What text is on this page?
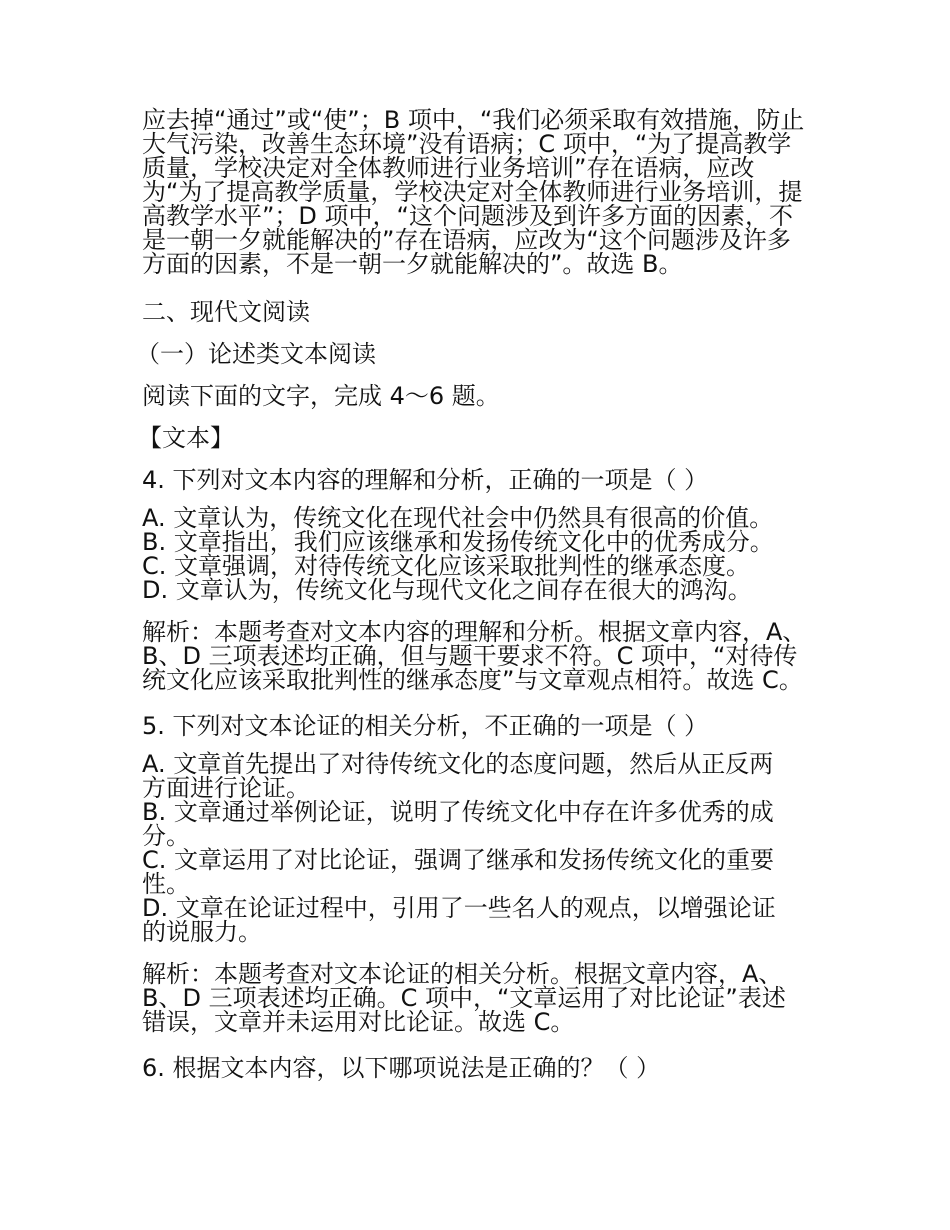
应去掉“通过”或“使”；B 项中，“我们必须采取有效措施，防止大气污染，改善生态环境”没有语病；C 项中，“为了提高教学质量，学校决定对全体教师进行业务培训”存在语病，应改为“为了提高教学质量，学校决定对全体教师进行业务培训，提高教学水平”；D 项中，“这个问题涉及到许多方面的因素，不是一朝一夕就能解决的”存在语病，应改为“这个问题涉及许多方面的因素，不是一朝一夕就能解决的”。故选 B。

二、现代文阅读

（一）论述类文本阅读

阅读下面的文字，完成 4～6 题。

【文本】

4. 下列对文本内容的理解和分析，正确的一项是（ ）

A. 文章认为，传统文化在现代社会中仍然具有很高的价值。

B. 文章指出，我们应该继承和发扬传统文化中的优秀成分。

C. 文章强调，对待传统文化应该采取批判性的继承态度。

D. 文章认为，传统文化与现代文化之间存在很大的鸿沟。

解析：本题考查对文本内容的理解和分析。根据文章内容，A、B、D 三项表述均正确，但与题干要求不符。C 项中，“对待传统文化应该采取批判性的继承态度”与文章观点相符。故选 C。

5. 下列对文本论证的相关分析，不正确的一项是（ ）

A. 文章首先提出了对待传统文化的态度问题，然后从正反两方面进行论证。

B. 文章通过举例论证，说明了传统文化中存在许多优秀的成分。

C. 文章运用了对比论证，强调了继承和发扬传统文化的重要性。

D. 文章在论证过程中，引用了一些名人的观点，以增强论证的说服力。

解析：本题考查对文本论证的相关分析。根据文章内容，A、B、D 三项表述均正确。C 项中，“文章运用了对比论证”表述错误，文章并未运用对比论证。故选 C。

6. 根据文本内容，以下哪项说法是正确的？（ ）
